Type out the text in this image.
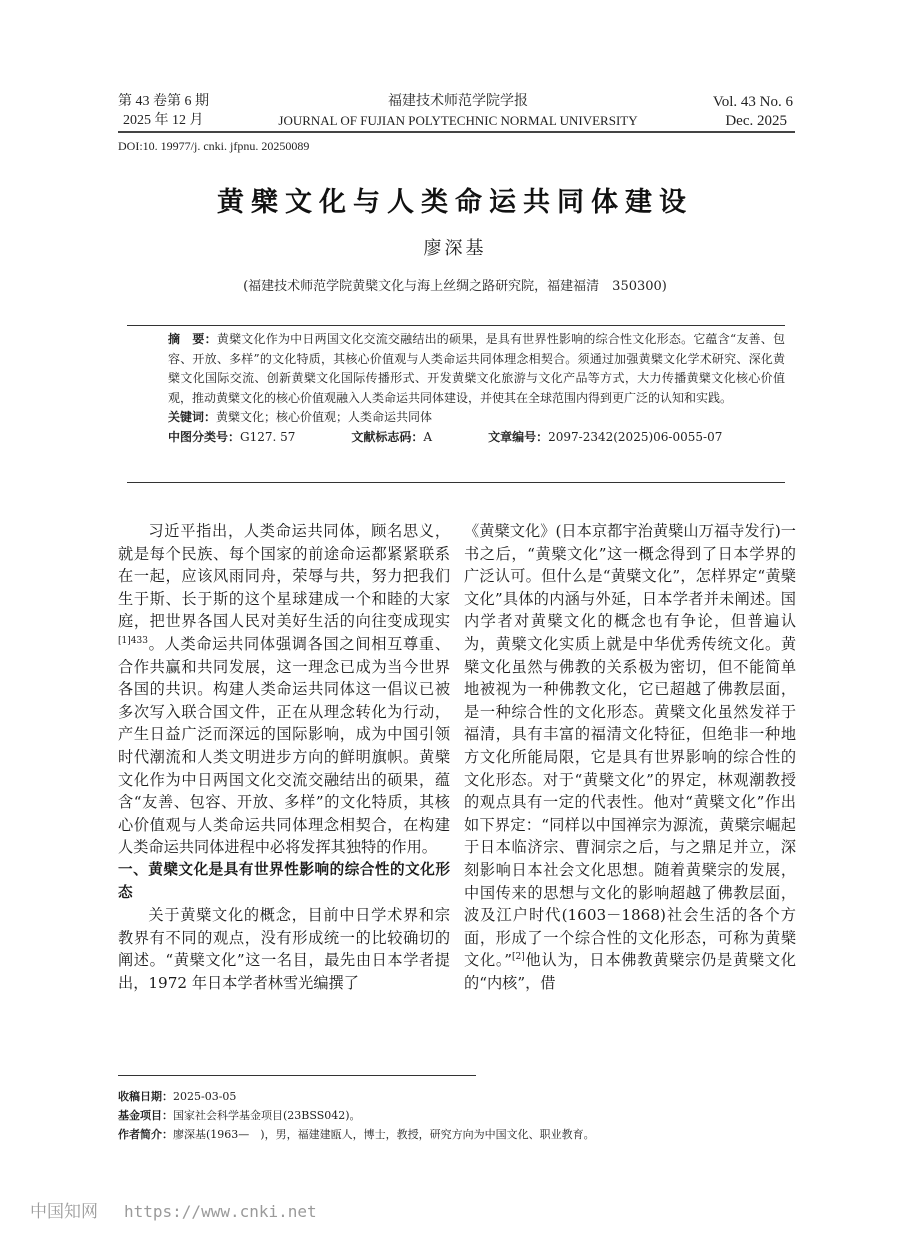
第 43 卷第 6 期
2025 年 12 月
福建技术师范学院学报
JOURNAL OF FUJIAN POLYTECHNIC NORMAL UNIVERSITY
Vol. 43 No. 6
Dec. 2025
DOI:10. 19977/j. cnki. jfpnu. 20250089
黄檗文化与人类命运共同体建设
廖深基
(福建技术师范学院黄檗文化与海上丝绸之路研究院，福建福清　350300)
摘　要：黄檗文化作为中日两国文化交流交融结出的硕果，是具有世界性影响的综合性文化形态。它蕴含“友善、包容、开放、多样”的文化特质，其核心价值观与人类命运共同体理念相契合。须通过加强黄檗文化学术研究、深化黄檗文化国际交流、创新黄檗文化国际传播形式、开发黄檗文化旅游与文化产品等方式，大力传播黄檗文化核心价值观，推动黄檗文化的核心价值观融入人类命运共同体建设，并使其在全球范围内得到更广泛的认知和实践。
关键词： 黄檗文化；核心价值观；人类命运共同体
中图分类号： G127. 57	文献标志码： A	文章编号： 2097-2342(2025)06-0055-07

习近平指出，人类命运共同体，顾名思义，就是每个民族、每个国家的前途命运都紧紧联系在一起，应该风雨同舟，荣辱与共，努力把我们生于斯、长于斯的这个星球建成一个和睦的大家庭，把世界各国人民对美好生活的向往变成现实$^{[1]433}$。人类命运共同体强调各国之间相互尊重、合作共赢和共同发展，这一理念已成为当今世界各国的共识。构建人类命运共同体这一倡议已被多次写入联合国文件，正在从理念转化为行动，产生日益广泛而深远的国际影响，成为中国引领时代潮流和人类文明进步方向的鲜明旗帜。黄檗文化作为中日两国文化交流交融结出的硕果，蕴含“友善、包容、开放、多样”的文化特质，其核心价值观与人类命运共同体理念相契合，在构建人类命运共同体进程中必将发挥其独特的作用。

一、黄檗文化是具有世界性影响的综合性的文化形态

关于黄檗文化的概念，目前中日学术界和宗教界有不同的观点，没有形成统一的比较确切的阐述。“黄檗文化”这一名目，最先由日本学者提出，1972 年日本学者林雪光编撰了

《黄檗文化》(日本京都宇治黄檗山万福寺发行)一书之后，“黄檗文化”这一概念得到了日本学界的广泛认可。但什么是“黄檗文化”，怎样界定“黄檗文化”具体的内涵与外延，日本学者并未阐述。国内学者对黄檗文化的概念也有争论，但普遍认为，黄檗文化实质上就是中华优秀传统文化。黄檗文化虽然与佛教的关系极为密切，但不能简单地被视为一种佛教文化，它已超越了佛教层面，是一种综合性的文化形态。黄檗文化虽然发祥于福清，具有丰富的福清文化特征，但绝非一种地方文化所能局限，它是具有世界影响的综合性的文化形态。对于“黄檗文化”的界定，林观潮教授的观点具有一定的代表性。他对“黄檗文化”作出如下界定：“同样以中国禅宗为源流，黄檗宗崛起于日本临济宗、曹洞宗之后，与之鼎足并立，深刻影响日本社会文化思想。随着黄檗宗的发展，中国传来的思想与文化的影响超越了佛教层面，波及江户时代(1603－1868)社会生活的各个方面，形成了一个综合性的文化形态，可称为黄檗文化。”[2]他认为，日本佛教黄檗宗仍是黄檗文化的“内核”，借

收稿日期：2025-03-05
基金项目：国家社会科学基金项目(23BSS042)。
作者简介：廖深基(1963—　)，男，福建建瓯人，博士，教授，研究方向为中国文化、职业教育。
中国知网 https://www.cnki.net
